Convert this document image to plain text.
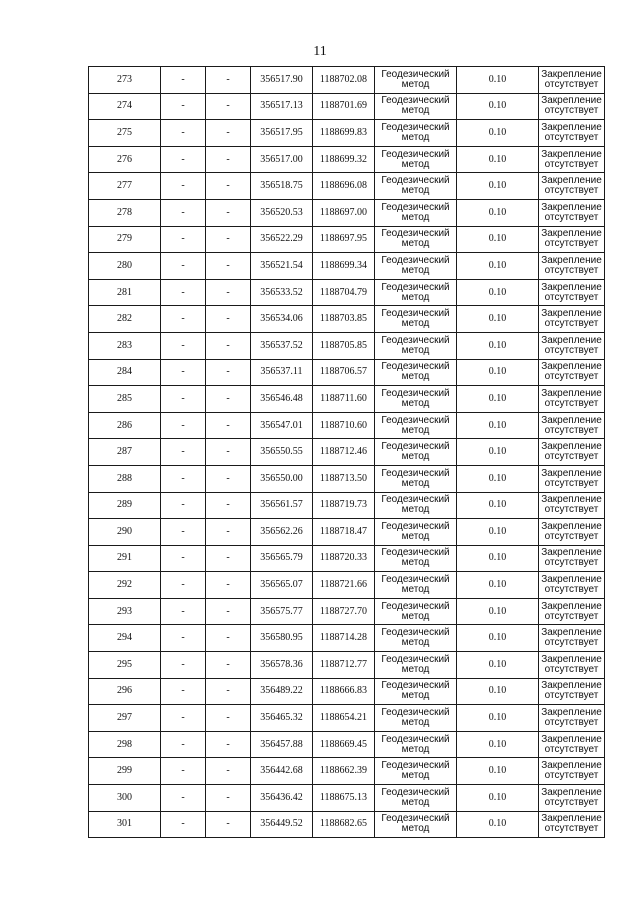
11
273	-	-	356517.90	1188702.08	Геодезический метод	0.10	Закрепление отсутствует
274	-	-	356517.13	1188701.69	Геодезический метод	0.10	Закрепление отсутствует
275	-	-	356517.95	1188699.83	Геодезический метод	0.10	Закрепление отсутствует
276	-	-	356517.00	1188699.32	Геодезический метод	0.10	Закрепление отсутствует
277	-	-	356518.75	1188696.08	Геодезический метод	0.10	Закрепление отсутствует
278	-	-	356520.53	1188697.00	Геодезический метод	0.10	Закрепление отсутствует
279	-	-	356522.29	1188697.95	Геодезический метод	0.10	Закрепление отсутствует
280	-	-	356521.54	1188699.34	Геодезический метод	0.10	Закрепление отсутствует
281	-	-	356533.52	1188704.79	Геодезический метод	0.10	Закрепление отсутствует
282	-	-	356534.06	1188703.85	Геодезический метод	0.10	Закрепление отсутствует
283	-	-	356537.52	1188705.85	Геодезический метод	0.10	Закрепление отсутствует
284	-	-	356537.11	1188706.57	Геодезический метод	0.10	Закрепление отсутствует
285	-	-	356546.48	1188711.60	Геодезический метод	0.10	Закрепление отсутствует
286	-	-	356547.01	1188710.60	Геодезический метод	0.10	Закрепление отсутствует
287	-	-	356550.55	1188712.46	Геодезический метод	0.10	Закрепление отсутствует
288	-	-	356550.00	1188713.50	Геодезический метод	0.10	Закрепление отсутствует
289	-	-	356561.57	1188719.73	Геодезический метод	0.10	Закрепление отсутствует
290	-	-	356562.26	1188718.47	Геодезический метод	0.10	Закрепление отсутствует
291	-	-	356565.79	1188720.33	Геодезический метод	0.10	Закрепление отсутствует
292	-	-	356565.07	1188721.66	Геодезический метод	0.10	Закрепление отсутствует
293	-	-	356575.77	1188727.70	Геодезический метод	0.10	Закрепление отсутствует
294	-	-	356580.95	1188714.28	Геодезический метод	0.10	Закрепление отсутствует
295	-	-	356578.36	1188712.77	Геодезический метод	0.10	Закрепление отсутствует
296	-	-	356489.22	1188666.83	Геодезический метод	0.10	Закрепление отсутствует
297	-	-	356465.32	1188654.21	Геодезический метод	0.10	Закрепление отсутствует
298	-	-	356457.88	1188669.45	Геодезический метод	0.10	Закрепление отсутствует
299	-	-	356442.68	1188662.39	Геодезический метод	0.10	Закрепление отсутствует
300	-	-	356436.42	1188675.13	Геодезический метод	0.10	Закрепление отсутствует
301	-	-	356449.52	1188682.65	Геодезический метод	0.10	Закрепление отсутствует
